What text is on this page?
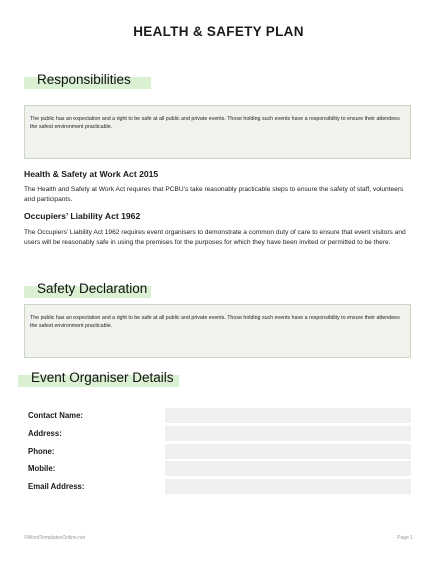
HEALTH & SAFETY PLAN
Responsibilities
The public has an expectation and a right to be safe at all public and private events. Those holding such events have a responsibility to ensure their attendees the safest environment practicable.
Health & Safety at Work Act 2015
The Health and Safety at Work Act requires that PCBU’s take reasonably practicable steps to ensure the safety of staff, volunteers and participants.
Occupiers’ Liability Act 1962
The Occupiers’ Liability Act 1962 requires event organisers to demonstrate a common duty of care to ensure that event visitors and users will be reasonably safe in using the premises for the purposes for which they have been invited or permitted to be there.
Safety Declaration
The public has an expectation and a right to be safe at all public and private events. Those holding such events have a responsibility to ensure their attendees the safest environment practicable.
Event Organiser Details
Contact Name:
Address:
Phone:
Mobile:
Email Address:
©WordTemplatesOnline.net	Page 1
